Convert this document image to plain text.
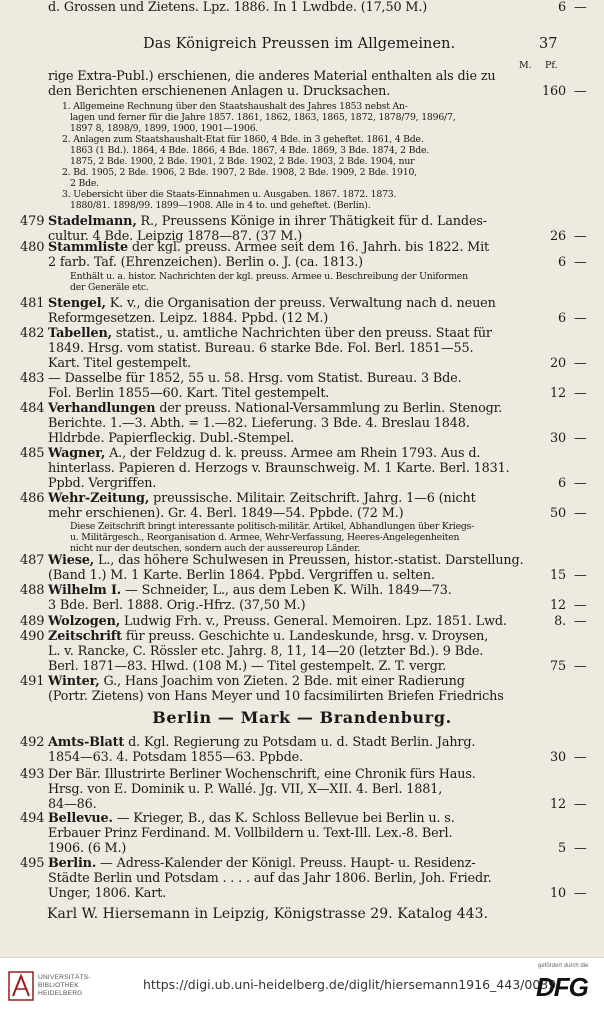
Das Königreich Preussen im Allgemeinen.	37
M. Pf.
rige Extra-Publ.) erschienen, die anderes Material enthalten als die zu
den Berichten erschienenen Anlagen u. Drucksachen.	160 —
1. Allgemeine Rechnung über den Staatshaushalt des Jahres 1853 nebst An-
lagen und ferner für die Jahre 1857. 1861, 1862, 1863, 1865, 1872, 1878/79, 1896/7,
1897 8, 1898/9, 1899, 1900, 1901—1906.
2. Anlagen zum Staatshaushalt-Etat für 1860, 4 Bde. in 3 geheftet. 1861, 4 Bde.
1863 (1 Bd.). 1864, 4 Bde. 1866, 4 Bde. 1867, 4 Bde. 1869, 3 Bde. 1874, 2 Bde.
1875, 2 Bde. 1900, 2 Bde. 1901, 2 Bde. 1902, 2 Bde. 1903, 2 Bde. 1904, nur
2. Bd. 1905, 2 Bde. 1906, 2 Bde. 1907, 2 Bde. 1908, 2 Bde. 1909, 2 Bde. 1910,
2 Bde.
3. Uebersicht über die Staats-Einnahmen u. Ausgaben. 1867. 1872. 1873.
1880/81. 1898/99. 1899—1908. Alle in 4 to. und geheftet. (Berlin).
479 Stadelmann, R., Preussens Könige in ihrer Thätigkeit für d. Landes-
cultur. 4 Bde. Leipzig 1878—87. (37 M.)	26 —
480 Stammliste der kgl. preuss. Armee seit dem 16. Jahrh. bis 1822. Mit
2 farb. Taf. (Ehrenzeichen). Berlin o. J. (ca. 1813.)	6 —
Enthält u. a. histor. Nachrichten der kgl. preuss. Armee u. Beschreibung der Uniformen
der Generäle etc.
481 Stengel, K. v., die Organisation der preuss. Verwaltung nach d. neuen
Reformgesetzen. Leipz. 1884. Ppbd. (12 M.)	6 —
482 Tabellen, statist., u. amtliche Nachrichten über den preuss. Staat für
1849. Hrsg. vom statist. Bureau. 6 starke Bde. Fol. Berl. 1851—55.
Kart. Titel gestempelt.	20 —
483 — Dasselbe für 1852, 55 u. 58. Hrsg. vom Statist. Bureau. 3 Bde.
Fol. Berlin 1855—60. Kart. Titel gestempelt.	12 —
484 Verhandlungen der preuss. National-Versammlung zu Berlin. Stenogr.
Berichte. 1.—3. Abth. = 1.—82. Lieferung. 3 Bde. 4. Breslau 1848.
Hldrbde. Papierfleckig. Dubl.-Stempel.	30 —
485 Wagner, A., der Feldzug d. k. preuss. Armee am Rhein 1793. Aus d.
hinterlass. Papieren d. Herzogs v. Braunschweig. M. 1 Karte. Berl. 1831.
Ppbd. Vergriffen.	6 —
486 Wehr-Zeitung, preussische. Militair. Zeitschrift. Jahrg. 1—6 (nicht
mehr erschienen). Gr. 4. Berl. 1849—54. Ppbde. (72 M.)	50 —
Diese Zeitschrift bringt interessante politisch-militär. Artikel, Abhandlungen über Kriegs-
u. Militärgesch., Reorganisation d. Armee, Wehr-Verfassung, Heeres-Angelegenheiten
nicht nur der deutschen, sondern auch der aussereurop Länder.
487 Wiese, L., das höhere Schulwesen in Preussen, histor.-statist. Darstellung.
(Band 1.) M. 1 Karte. Berlin 1864. Ppbd. Vergriffen u. selten.	15 —
488 Wilhelm I. — Schneider, L., aus dem Leben K. Wilh. 1849—73.
3 Bde. Berl. 1888. Orig.-Hfrz. (37,50 M.)	12 —
489 Wolzogen, Ludwig Frh. v., Preuss. General. Memoiren. Lpz. 1851. Lwd.	8. —
490 Zeitschrift für preuss. Geschichte u. Landeskunde, hrsg. v. Droysen,
L. v. Rancke, C. Rössler etc. Jahrg. 8, 11, 14—20 (letzter Bd.). 9 Bde.
Berl. 1871—83. Hlwd. (108 M.) — Titel gestempelt. Z. T. vergr.	75 —
491 Winter, G., Hans Joachim von Zieten. 2 Bde. mit einer Radierung
(Portr. Zietens) von Hans Meyer und 10 facsimilirten Briefen Friedrichs
d. Grossen und Zietens. Lpz. 1886. In 1 Lwdbde. (17,50 M.)	6 —
Berlin — Mark — Brandenburg.
492 Amts-Blatt d. Kgl. Regierung zu Potsdam u. d. Stadt Berlin. Jahrg.
1854—63. 4. Potsdam 1855—63. Ppbde.	30 —
493 Der Bär. Illustrirte Berliner Wochenschrift, eine Chronik fürs Haus.
Hrsg. von E. Dominik u. P. Wallé. Jg. VII, X—XII. 4. Berl. 1881,
84—86.	12 —
494 Bellevue. — Krieger, B., das K. Schloss Bellevue bei Berlin u. s.
Erbauer Prinz Ferdinand. M. Vollbildern u. Text-Ill. Lex.-8. Berl.
1906. (6 M.)	5 —
495 Berlin. — Adress-Kalender der Königl. Preuss. Haupt- u. Residenz-
Städte Berlin und Potsdam . . . . auf das Jahr 1806. Berlin, Joh. Friedr.
Unger, 1806. Kart.	10 —
Karl W. Hiersemann in Leipzig, Königstrasse 29. Katalog 443.
UNIVERSITÄTS-
BIBLIOTHEK
HEIDELBERG
https://digi.ub.uni-heidelberg.de/diglit/hiersemann1916_443/0039
gefördert durch die
DFG
